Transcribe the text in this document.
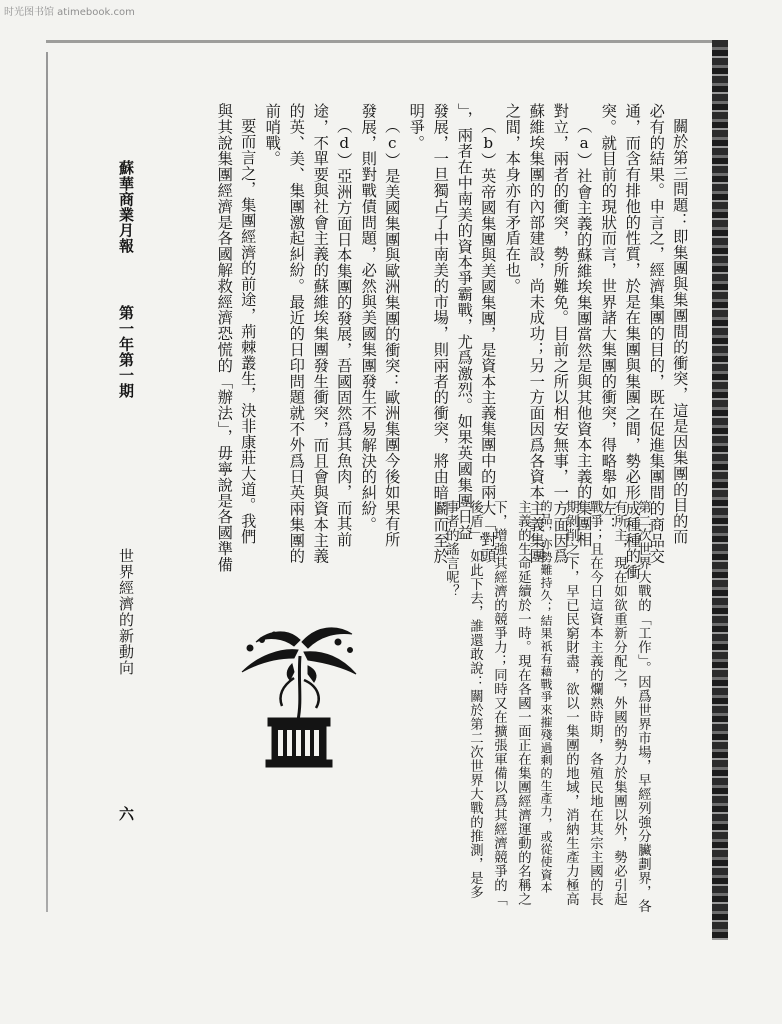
时光图书馆 atimebook.com
蘇華商業月報
第一年第一期
世界經濟的新動向
六
關於第三問題：即集團與集團間的衝突，這是因集團的目的而
必有的結果。申言之，經濟集團的目的，既在促進集團間的商品交
通，而含有排他的性質，於是在集團與集團之間，勢必形成種種的衝
突。就目前的現狀而言，世界諸大集團的衝突，得略舉如左：
（a）社會主義的蘇維埃集團當然是與其他資本主義的集團相
對立，兩者的衝突，勢所難免。目前之所以相安無事，一方面因爲
蘇維埃集團的內部建設，尚未成功；另一方面因爲各資本主義集團
之間，本身亦有矛盾在也。
（b）英帝國集團與美國集團，是資本主義集團中的兩大「對頭
」，兩者在中南美的資本爭霸戰，尤爲激烈。如果英國集團日益
發展，一旦獨占了中南美的市場，則兩者的衝突，將由暗鬬而至於
明爭。
（c）是美國集團與歐洲集團的衝突：歐洲集團今後如果有所
發展，則對戰債問題，必然與美國集團發生不易解決的糾紛。
（d）亞洲方面日本集團的發展，吾國固然爲其魚肉，而其前
途，不單要與社會主義的蘇維埃集團發生衝突，而且會與資本主義
的英、美、集團激起糾紛。最近的日印問題就不外爲日英兩集團的
前哨戰。
要而言之，集團經濟的前途，荊棘叢生，決非康莊大道。我們
與其說集團經濟是各國解救經濟恐慌的「辦法」，毋寧說是各國準備
第二次世界大戰的「工作」。因爲世界市場，早經列強分臟劃界，各
有所主，現在如欲重新分配之，外國的勢力於集團以外，勢必引起
戰爭；且在今日這資本主義的爛熟時期，各殖民地在其宗主國的長
期剝削之下，早已民窮財盡，欲以一集團的地域，消納生產力極高
的品，亦勢難持久；結果祇有藉戰爭來摧殘過剩的生產力，或從使資本
主義的生命延續於一時。現在各國一面正在集團經濟運動的名稱之
下，增強其經濟的競爭力；同時又在擴張軍備以爲其經濟競爭的「
後盾」，如此下去，誰還敢說：關於第二次世界大戰的推測，是多
事者的謠言呢？
